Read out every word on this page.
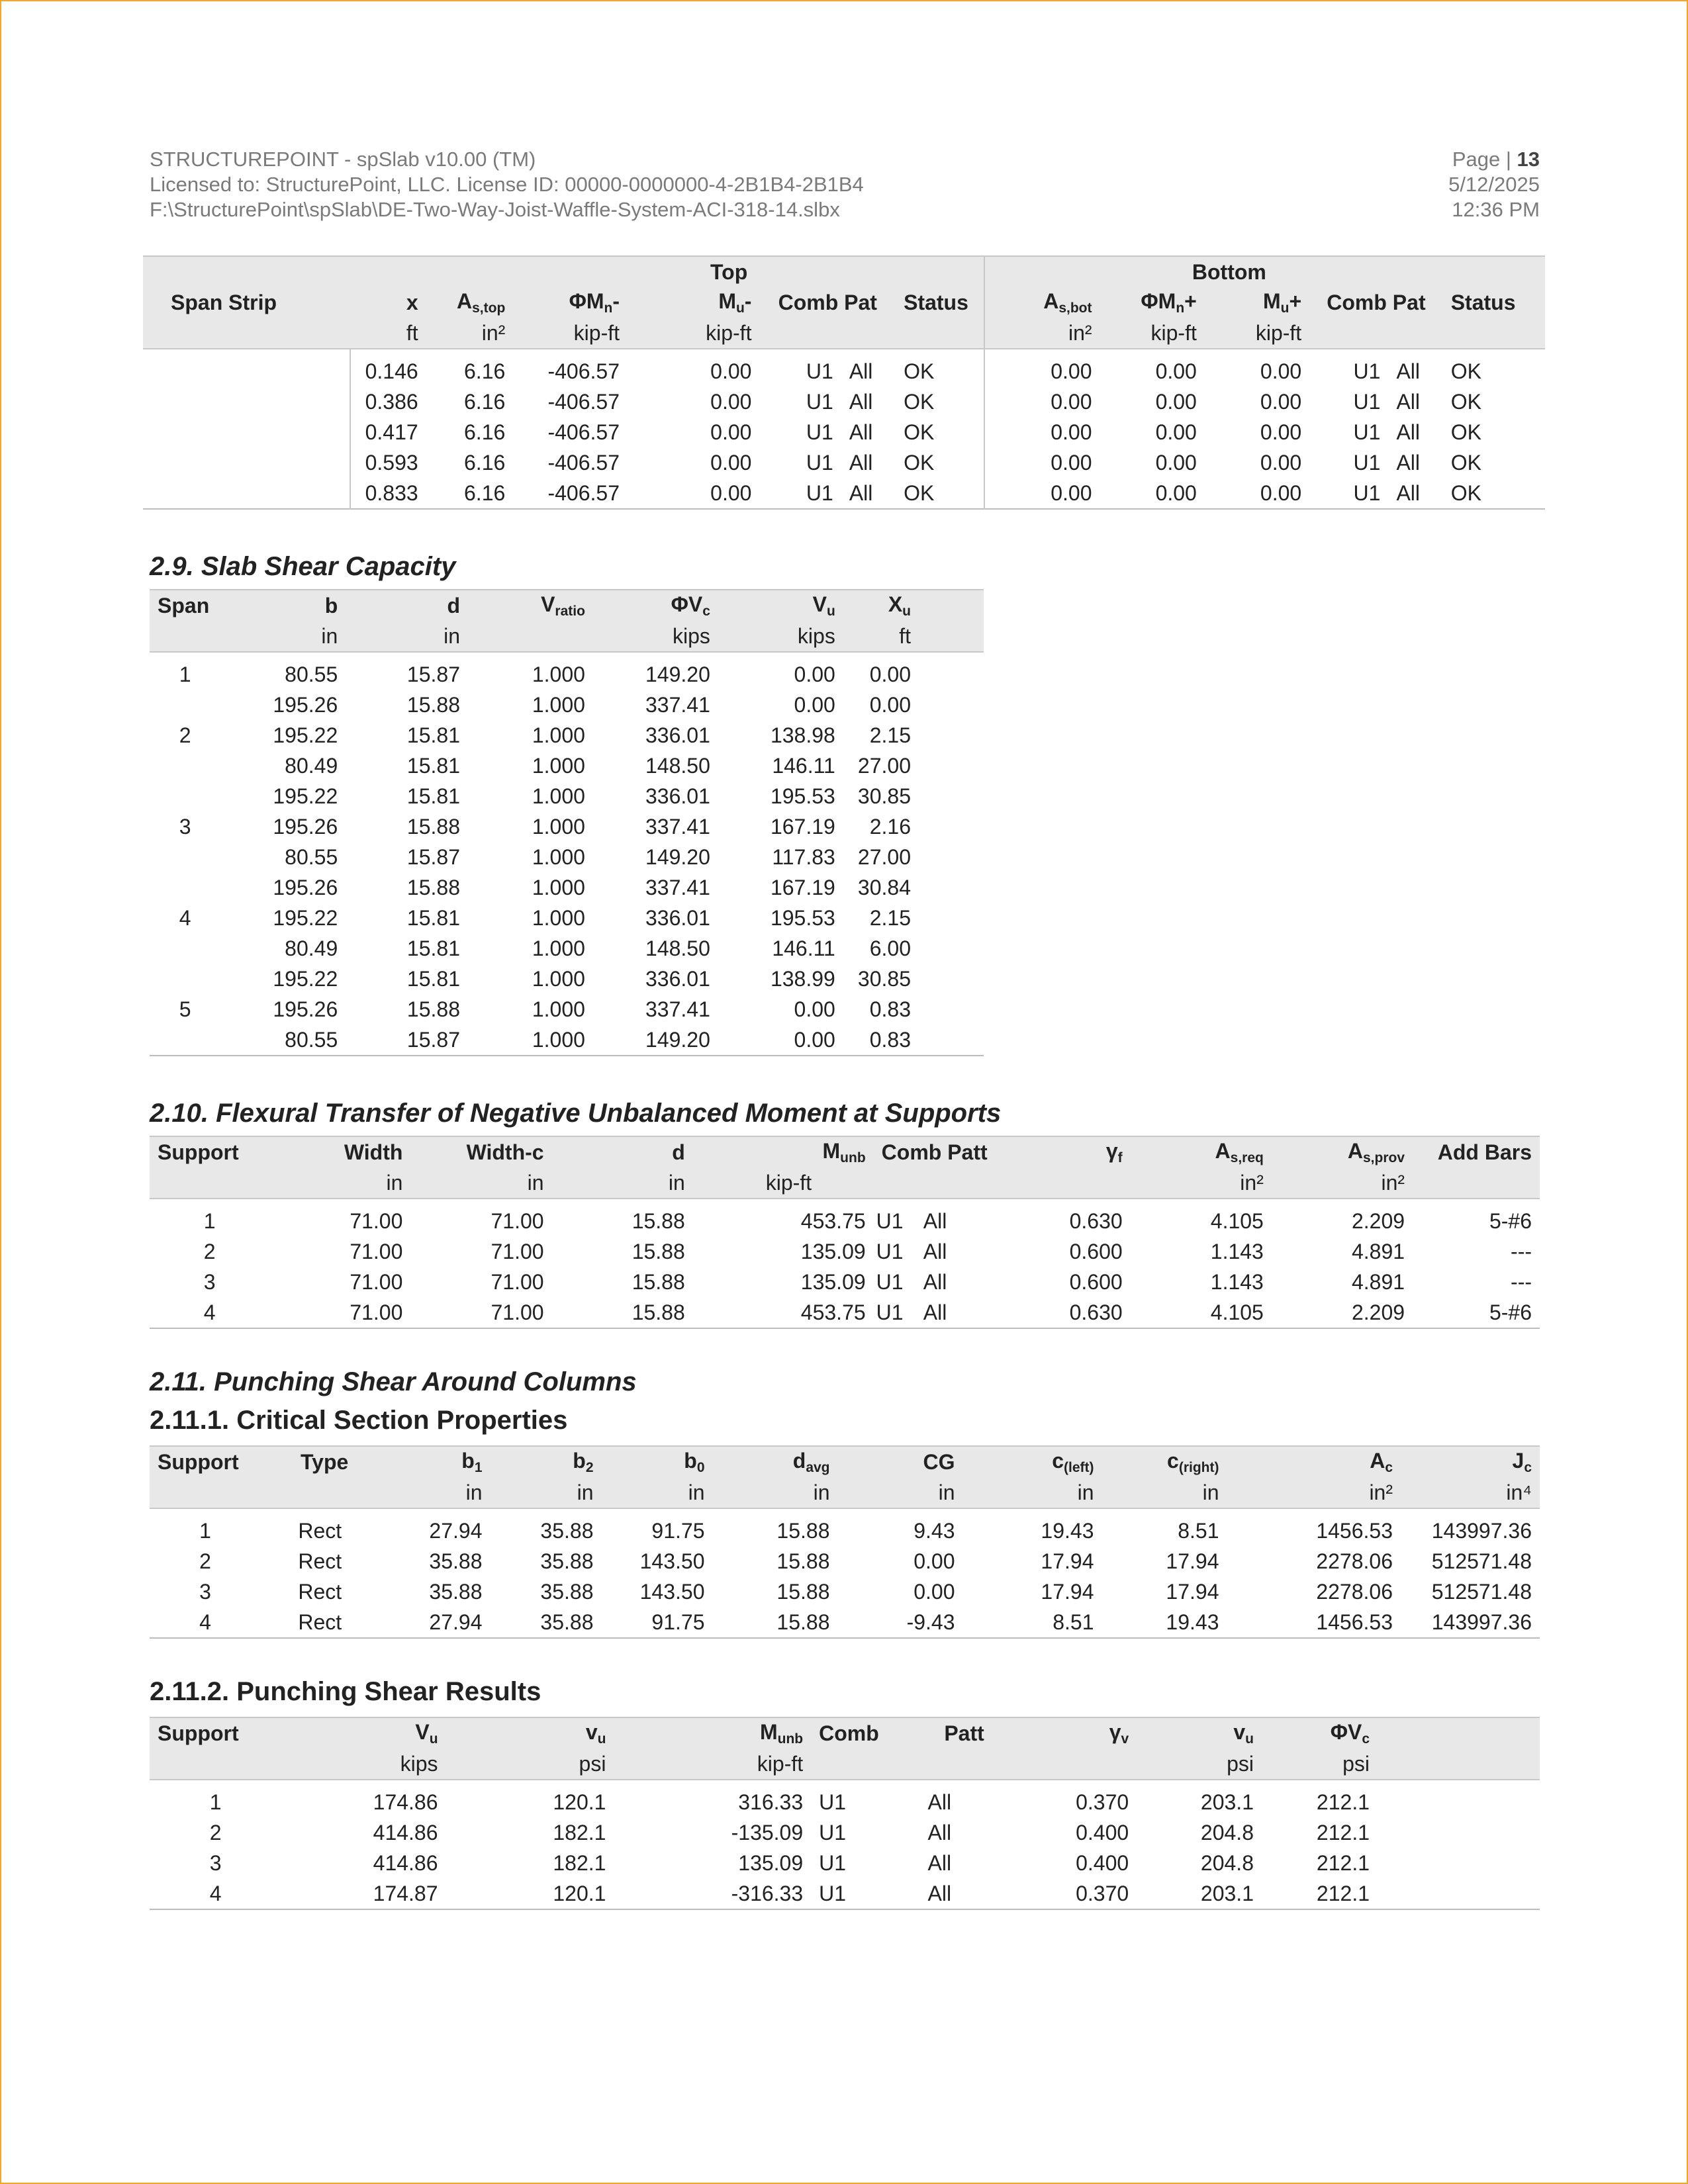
STRUCTUREPOINT - spSlab v10.00 (TM)
Licensed to: StructurePoint, LLC. License ID: 00000-0000000-4-2B1B4-2B1B4
F:\StructurePoint\spSlab\DE-Two-Way-Joist-Waffle-System-ACI-318-14.slbx
Page | 13
5/12/2025
12:36 PM
	Top							Bottom					
Span Strip	x	$A_{s,top}$	$\Phi M_n-$	$M_u-$	Comb Pat		Status	$A_{s,bot}$	$\Phi M_n+$	$M_u+$	Comb Pat		Status
	ft	in²	kip-ft	kip-ft				in²	kip-ft	kip-ft			
	0.146	6.16	-406.57	0.00	U1	All	OK	0.00	0.00	0.00	U1	All	OK
	0.386	6.16	-406.57	0.00	U1	All	OK	0.00	0.00	0.00	U1	All	OK
	0.417	6.16	-406.57	0.00	U1	All	OK	0.00	0.00	0.00	U1	All	OK
	0.593	6.16	-406.57	0.00	U1	All	OK	0.00	0.00	0.00	U1	All	OK
	0.833	6.16	-406.57	0.00	U1	All	OK	0.00	0.00	0.00	U1	All	OK
2.9. Slab Shear Capacity
Span	b	d	$V_{ratio}$	$\Phi V_c$	$V_u$	$X_u$
	in	in		kips	kips	ft
1	80.55	15.87	1.000	149.20	0.00	0.00
	195.26	15.88	1.000	337.41	0.00	0.00
2	195.22	15.81	1.000	336.01	138.98	2.15
	80.49	15.81	1.000	148.50	146.11	27.00
	195.22	15.81	1.000	336.01	195.53	30.85
3	195.26	15.88	1.000	337.41	167.19	2.16
	80.55	15.87	1.000	149.20	117.83	27.00
	195.26	15.88	1.000	337.41	167.19	30.84
4	195.22	15.81	1.000	336.01	195.53	2.15
	80.49	15.81	1.000	148.50	146.11	6.00
	195.22	15.81	1.000	336.01	138.99	30.85
5	195.26	15.88	1.000	337.41	0.00	0.83
	80.55	15.87	1.000	149.20	0.00	0.83
2.10. Flexural Transfer of Negative Unbalanced Moment at Supports
Support	Width	Width-c	d	$M_{unb}$	Comb Patt		$\gamma_f$	$A_{s,req}$	$A_{s,prov}$	Add Bars
	in	in	in	kip-ft				in²	in²	
1	71.00	71.00	15.88	453.75	U1	All	0.630	4.105	2.209	5-#6
2	71.00	71.00	15.88	135.09	U1	All	0.600	1.143	4.891	---
3	71.00	71.00	15.88	135.09	U1	All	0.600	1.143	4.891	---
4	71.00	71.00	15.88	453.75	U1	All	0.630	4.105	2.209	5-#6
2.11. Punching Shear Around Columns
2.11.1. Critical Section Properties
Support	Type	$b_1$	$b_2$	$b_0$	$d_{avg}$	CG	$c_{(left)}$	$c_{(right)}$	$A_c$	$J_c$
		in	in	in	in	in	in	in	in²	in⁴
1	Rect	27.94	35.88	91.75	15.88	9.43	19.43	8.51	1456.53	143997.36
2	Rect	35.88	35.88	143.50	15.88	0.00	17.94	17.94	2278.06	512571.48
3	Rect	35.88	35.88	143.50	15.88	0.00	17.94	17.94	2278.06	512571.48
4	Rect	27.94	35.88	91.75	15.88	-9.43	8.51	19.43	1456.53	143997.36
2.11.2. Punching Shear Results
Support	$V_u$	$v_u$	$M_{unb}$	Comb	Patt	$\gamma_v$	$v_u$	$\Phi V_c$	
	kips	psi	kip-ft				psi	psi	
1	174.86	120.1	316.33	U1	All	0.370	203.1	212.1	
2	414.86	182.1	-135.09	U1	All	0.400	204.8	212.1	
3	414.86	182.1	135.09	U1	All	0.400	204.8	212.1	
4	174.87	120.1	-316.33	U1	All	0.370	203.1	212.1	
